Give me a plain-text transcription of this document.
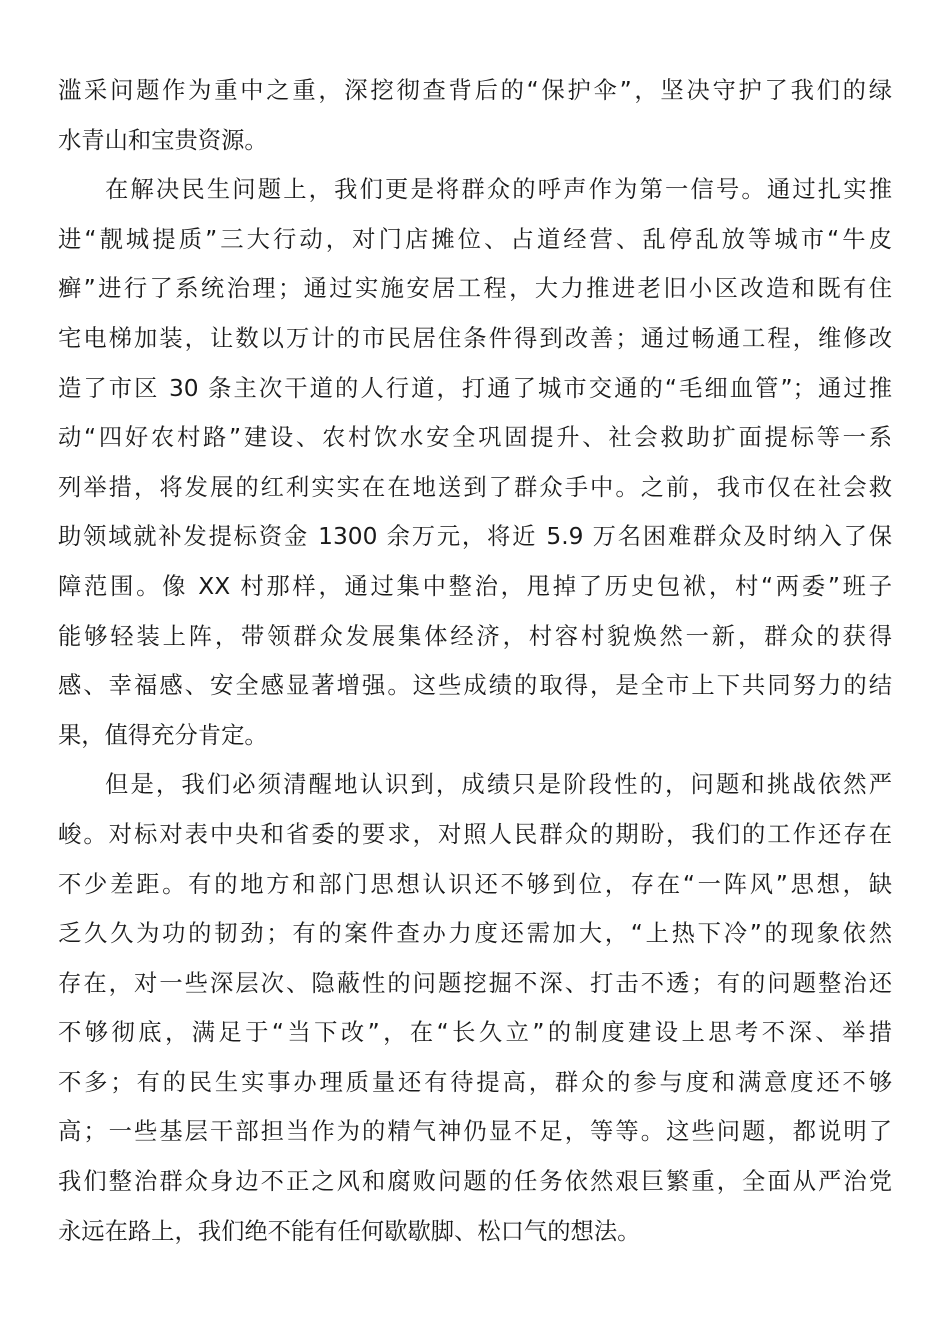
滥采问题作为重中之重，深挖彻查背后的“保护伞”，坚决守护了我们的绿
水青山和宝贵资源。
在解决民生问题上，我们更是将群众的呼声作为第一信号。通过扎实推
进“靓城提质”三大行动，对门店摊位、占道经营、乱停乱放等城市“牛皮
癣”进行了系统治理；通过实施安居工程，大力推进老旧小区改造和既有住
宅电梯加装，让数以万计的市民居住条件得到改善；通过畅通工程，维修改
造了市区 30 条主次干道的人行道，打通了城市交通的“毛细血管”；通过推
动“四好农村路”建设、农村饮水安全巩固提升、社会救助扩面提标等一系
列举措，将发展的红利实实在在地送到了群众手中。之前，我市仅在社会救
助领域就补发提标资金 1300 余万元，将近 5.9 万名困难群众及时纳入了保
障范围。像 XX 村那样，通过集中整治，甩掉了历史包袱，村“两委”班子
能够轻装上阵，带领群众发展集体经济，村容村貌焕然一新，群众的获得
感、幸福感、安全感显著增强。这些成绩的取得，是全市上下共同努力的结
果，值得充分肯定。
但是，我们必须清醒地认识到，成绩只是阶段性的，问题和挑战依然严
峻。对标对表中央和省委的要求，对照人民群众的期盼，我们的工作还存在
不少差距。有的地方和部门思想认识还不够到位，存在“一阵风”思想，缺
乏久久为功的韧劲；有的案件查办力度还需加大，“上热下冷”的现象依然
存在，对一些深层次、隐蔽性的问题挖掘不深、打击不透；有的问题整治还
不够彻底，满足于“当下改”，在“长久立”的制度建设上思考不深、举措
不多；有的民生实事办理质量还有待提高，群众的参与度和满意度还不够
高；一些基层干部担当作为的精气神仍显不足，等等。这些问题，都说明了
我们整治群众身边不正之风和腐败问题的任务依然艰巨繁重，全面从严治党
永远在路上，我们绝不能有任何歇歇脚、松口气的想法。
